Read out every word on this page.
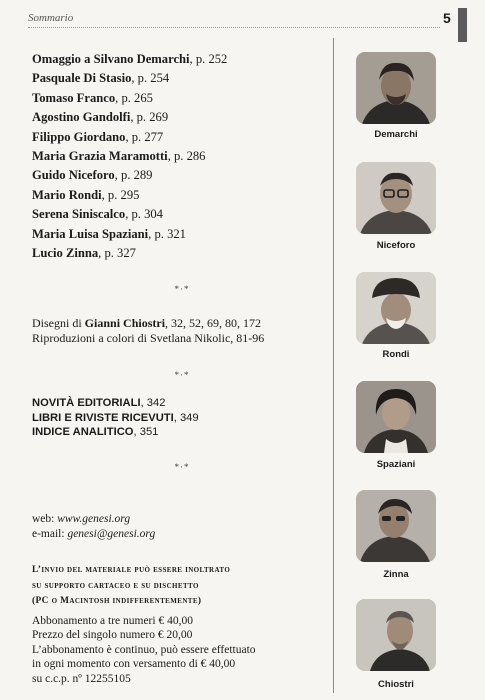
Sommario	5
Omaggio a Silvano Demarchi, p. 252
Pasquale Di Stasio, p. 254
Tomaso Franco, p. 265
Agostino Gandolfi, p. 269
Filippo Giordano, p. 277
Maria Grazia Maramotti, p. 286
Guido Niceforo, p. 289
Mario Rondi, p. 295
Serena Siniscalco, p. 304
Maria Luisa Spaziani, p. 321
Lucio Zinna, p. 327
*·*
Disegni di Gianni Chiostri, 32, 52, 69, 80, 172
Riproduzioni a colori di Svetlana Nikolic, 81-96
*·*
NOVITÀ EDITORIALI, 342
LIBRI E RIVISTE RICEVUTI, 349
INDICE ANALITICO, 351
*·*
web: www.genesi.org
e-mail: genesi@genesi.org
L’invio del materiale può essere inoltrato
su supporto cartaceo e su dischetto
(PC o Macintosh indifferentemente)
Abbonamento a tre numeri € 40,00
Prezzo del singolo numero € 20,00
L’abbonamento è continuo, può essere effettuato
in ogni momento con versamento di € 40,00
su c.c.p. nº 12255105
Demarchi
Niceforo
Rondi
Spaziani
Zinna
Chiostri
